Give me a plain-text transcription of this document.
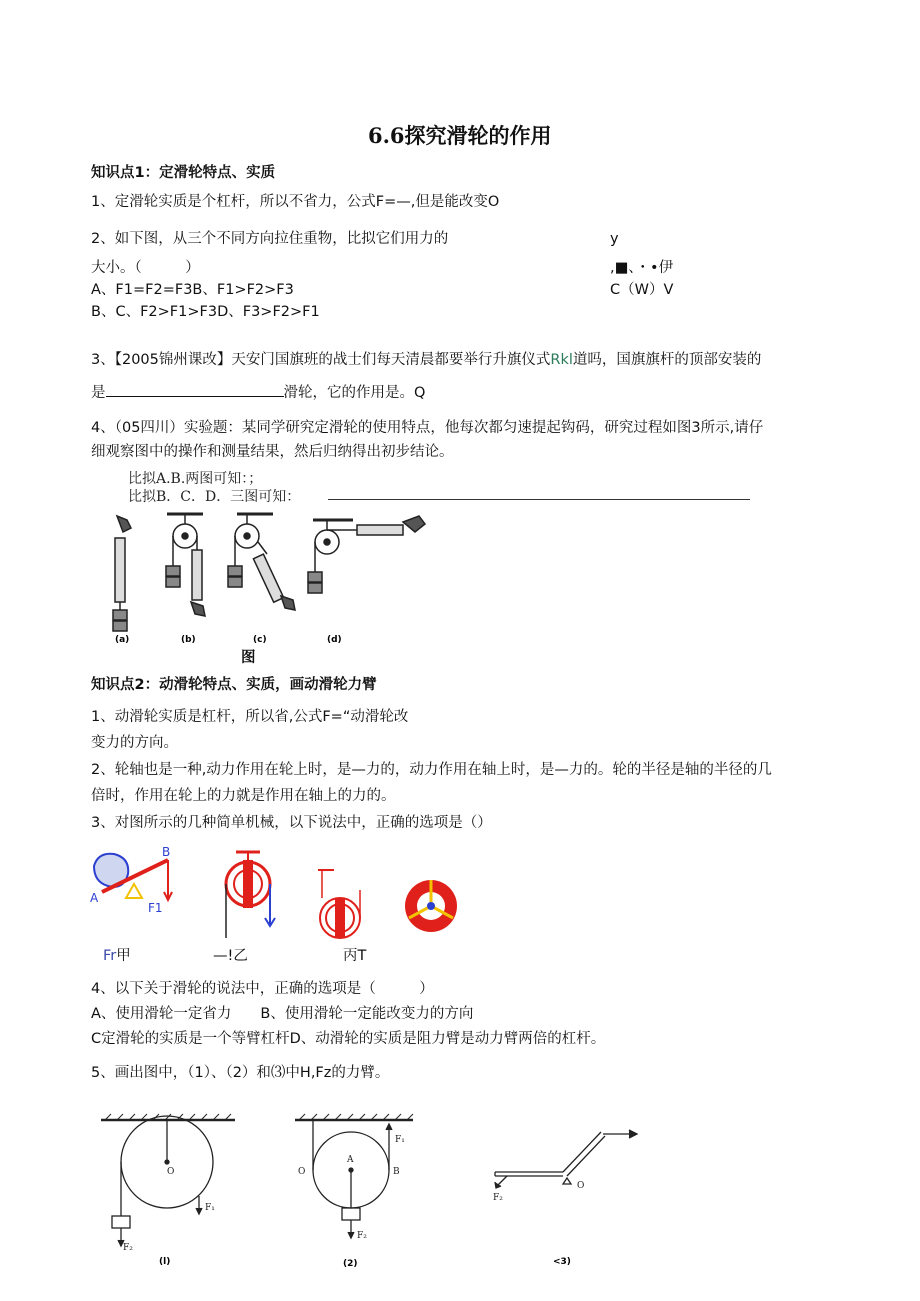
6.6探究滑轮的作用
知识点1：定滑轮特点、实质
1、定滑轮实质是个杠杆，所以不省力，公式F=—,但是能改变O
2、如下图，从三个不同方向拉住重物，比拟它们用力的
大小。（　　　）
A、F1=F2=F3B、F1>F2>F3
B、C、F2>F1>F3D、F3>F2>F1
y
,■、・•伊
C（W）V
3、【2005锦州课改】天安门国旗班的战士们每天清晨都要举行升旗仪式Rkl道吗，国旗旗杆的顶部安装的
是	滑轮，它的作用是。Q
4、（05四川）实验题：某同学研究定滑轮的使用特点，他每次都匀速提起钩码，研究过程如图3所示,请仔
细观察图中的操作和测量结果，然后归纳得出初步结论。
比拟A.B.两图可知：；
比拟B．C．D．三图可知：
(a)	(b)	(c)	(d)
图
知识点2：动滑轮特点、实质，画动滑轮力臂
1、动滑轮实质是杠杆，所以省,公式F=“动滑轮改
变力的方向。
2、轮轴也是一种,动力作用在轮上时，是—力的，动力作用在轴上时，是—力的。轮的半径是轴的半径的几
倍时，作用在轮上的力就是作用在轴上的力的。
3、对图所示的几种简单机械，以下说法中，正确的选项是（）
A
B
F1
Fr甲	—!乙	丙T
4、以下关于滑轮的说法中，正确的选项是（　　　）
A、使用滑轮一定省力　　B、使用滑轮一定能改变力的方向
C定滑轮的实质是一个等臂杠杆D、动滑轮的实质是阻力臂是动力臂两倍的杠杆。
5、画出图中，（1）、（2）和⑶中H,Fz的力臂。
O
F₁
F₂
O
A
B
F₁
F₂
O
F₂
(l)	(2)	<3)
